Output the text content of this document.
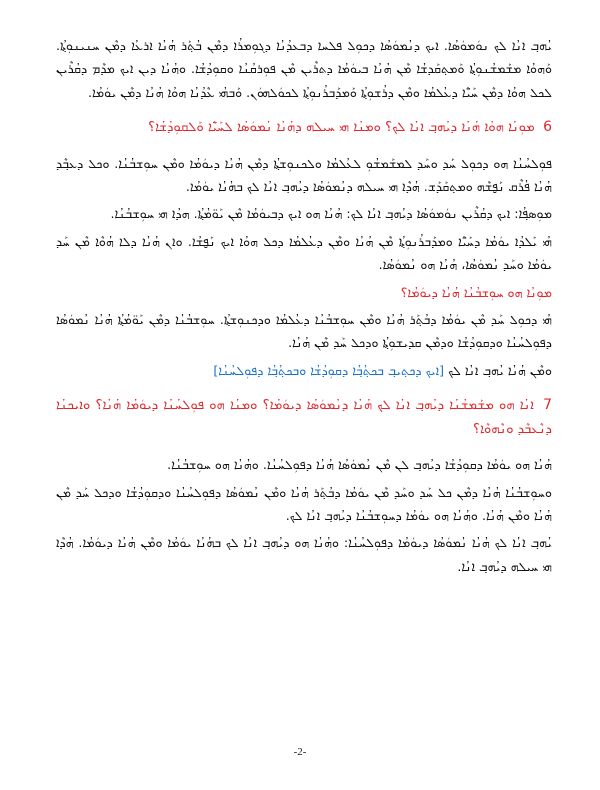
ܝܳܗܒ݂ ܐܢܳܐ ܠܟ ܢܘܿܡܘܿܣܳܐ. ܐܝܟ ܕܢܳܡܘܿܣܳܐ ܕܟܘܼܠ ܦܠܚܐ ܕܒܥܕܳܢܳܐ ܕܓܘܼܡܪܳܐ ܕܡܶܢ ܒܳܬ݂ܰܪ ܗܳܢܳܐ ܐܪܥܳܐ ܕܡܶܢ ܚܢܝܢܘܼܬ݂ܳܐ. ܘܰܗܘܳܐ ܡܫܰܡܫܳܢܘܼܬ݂ܳܐ ܘܰܡܬ݂ܩܰܕܫܳܐ ܡܶܢ ܗܳܢܳܐ ܒܝܘܿܡܳܐ ܕܬܪܶܝܢ ܡܶܢ ܦܘܼܪܩܳܢܳܐ ܘܩܘܼܕܳܫܳܐ. ܘܗܳܢܳܐ ܕܝܢ ܐܝܟ ܡܕܶܡ ܕܩܳܪܶܝܢ ܠܟܠ ܗܘܳܐ ܕܡܶܢ ܚܰܝ̈ܶܐ ܕܥܳܠܡܳܐ ܘܡܶܢ ܕܪܳܫܘܼܬ݂ܳܐ ܘܰܡܕܰܒܪܳܢܘܼܬ݂ܳܐ ܠܟܘܿܠܗܘܿܢ. ܘܰܒܗܳܝ ܥܶܕܳܢܳܐ ܗܘܳܐ ܗܳܢܳܐ ܕܡܶܢ ܝܘܿܡܳܐ.

6 ܡܘܼܢܳܐ ܗܘܳܐ ܗܳܢܳܐ ܕܝܳܗܒ݂ ܐܢܳܐ ܠܟ؟ ܘܡܢܳܐ ܗܝ ܚܝܠܗ ܕܗܳܢܳܐ ܢܳܡܘܿܣܳܐ ܠܚܰܝ̈ܶܐ ܘܰܠܩܘܼܕܳܫܳܐ؟

ܦܘܼܠܚܳܢܳܐ ܗܘ ܕܟܘܼܠ ܚܰܕ ܘܚܰܕ ܠܡܫܰܡܫܳܘܼ ܠܥܳܠܡܳܐ ܘܠܟܢܘܼܫܬ݂ܳܐ ܕܡܶܢ ܗܳܢܳܐ ܕܝܘܿܡܳܐ ܘܡܶܢ ܚܘܼܫܒܳܢܳܐ. ܘܟܠ ܕܥܒ݂ܶܕ ܗܳܢܳܐ ܦܳܪܶܩ ܢܰܦ̮ܫܶܗ ܘܡܬ݂ܩܰܕܰܫ. ܗܳܕܶܐ ܗܝ ܚܝܠܗ ܕܢܳܡܘܿܣܳܐ ܕܝܳܗܒ݂ ܐܢܳܐ ܠܟ ܒܗܳܢܳܐ ܝܘܿܡܳܐ.

ܡܘܼܣܦ݂ܳܐ: ܐܝܟ ܕܩܳܪܶܝܢ ܢܘܿܡܘܿܣܳܐ ܕܝܳܗܒ݂ ܐܢܳܐ ܠܟ: ܗܳܢܳܐ ܗܘ ܐܝܟ ܕܒܝܘܿܡܳܐ ܡܶܢ ܝܰܘ̈ܡܳܬ݂ܳܐ. ܗܕܳܐ ܗܝ ܚܘܼܫܒܳܢܳܐ.

ܗܳܝ ܝܰܠܕܳܐ ܝܘܿܡܳܐ ܕܚܰܝ̈ܶܐ ܘܡܕܰܒܪܳܢܘܼܬ݂ܳܐ ܡܶܢ ܗܳܢܳܐ ܘܡܶܢ ܕܥܳܠܡܳܐ ܕܟܠ ܗܘܳܐ ܐܝܟ ܢܰܦ̮ܫܳܐ. ܘܐܢ ܗܳܢܳܐ ܕܠܐ ܗܳܘܶܐ ܡܶܢ ܚܰܕ ܝܘܿܡܳܐ ܘܚܰܕ ܢܳܡܘܿܣܳܐ، ܗܳܢܳܐ ܗܘ ܢܳܡܘܿܣܳܐ.

ܡܘܼܢܳܐ ܗܘ ܚܘܼܫܒܳܢܳܐ ܗܳܢܳܐ ܕܝܘܿܡܳܐ؟

ܗܳܝ ܕܟܘܼܠ ܚܰܕ ܡܶܢ ܝܘܿܡܳܐ ܕܒܳܬ݂ܰܪ ܗܳܢܳܐ ܘܡܶܢ ܚܘܼܫܒܳܢܳܐ ܕܥܳܠܡܳܐ ܘܕܟܢܘܼܫܬ݂ܳܐ. ܚܘܼܫܒܳܢܳܐ ܕܡܶܢ ܝܰܘ̈ܡܳܬ݂ܳܐ ܗܳܢܳܐ ܢܳܡܘܿܣܳܐ ܕܦܘܼܠܚܳܢܳܐ ܘܕܩܘܼܕܳܫܳܐ ܘܕܡܶܢ ܩܕܝܫܘܼܬ݂ܳܐ ܘܕܟܠ ܚܰܕ ܡܶܢ ܗܳܢܳܐ.

ܘܡܶܢ ܗܳܢܳܐ ܝܳܗܒ݂ ܐܢܳܐ ܠܟ [ܐܝܟ ܕܟܬ݂ܝܒ݂ ܒܟܬ݂ܳܒ݂ܳܐ ܕܩܘܼܕܳܫܳܐ ܘܒܟܬ݂ܳܒ݂ܳܐ ܕܦܘܼܠܚܳܢܳܐ]

7 ܐܢܳܐ ܗܘ ܡܫܰܡܫܳܢܳܐ ܕܝܳܗܒ݂ ܐܢܳܐ ܠܟ ܗܳܢܳܐ ܕܢܳܡܘܿܣܳܐ ܕܝܘܿܡܳܐ؟ ܘܡܢܳܐ ܗܘ ܦܘܼܠܚܳܢܳܐ ܕܝܘܿܡܳܐ ܗܳܢܳܐ؟ ܘܐܝܟܢܳܐ ܕܢܶܥܒܶܕ ܘܢܶܗܘܶܐ؟

ܗܳܢܳܐ ܗܘ ܝܘܿܡܳܐ ܕܩܘܼܕܳܫܳܐ ܕܝܳܗܒ݂ ܠܢ ܡܶܢ ܢܳܡܘܿܣܳܐ ܗܳܢܳܐ ܕܦܘܼܠܚܳܢܳܐ. ܘܗܳܢܳܐ ܗܘ ܚܘܼܫܒܳܢܳܐ.

ܘܚܘܼܫܒܳܢܳܐ ܗܳܢܳܐ ܕܡܶܢ ܟܠ ܚܰܕ ܘܚܰܕ ܡܶܢ ܝܘܿܡܳܐ ܕܒܳܬ݂ܰܪ ܗܳܢܳܐ ܘܡܶܢ ܢܳܡܘܿܣܳܐ ܕܦܘܼܠܚܳܢܳܐ ܘܕܩܘܼܕܳܫܳܐ ܘܕܟܠ ܚܰܕ ܡܶܢ ܗܳܢܳܐ ܘܡܶܢ ܗܳܢܳܐ. ܘܗܳܢܳܐ ܗܘ ܝܘܿܡܳܐ ܕܚܘܼܫܒܳܢܳܐ ܕܝܳܗܒ݂ ܐܢܳܐ ܠܟ.

ܝܳܗܒ݂ ܐܢܳܐ ܠܟ ܗܳܢܳܐ ܢܳܡܘܿܣܳܐ ܕܝܘܿܡܳܐ ܕܦܘܼܠܚܳܢܳܐ: ܘܗܳܢܳܐ ܗܘ ܕܝܳܗܒ݂ ܐܢܳܐ ܠܟ ܒܗܳܢܳܐ ܝܘܿܡܳܐ ܘܡܶܢ ܗܳܢܳܐ ܕܝܘܿܡܳܐ. ܗܳܕܶܐ ܗܝ ܚܝܠܗ ܕܝܳܗܒ݂ ܐܢܳܐ.

-2-
